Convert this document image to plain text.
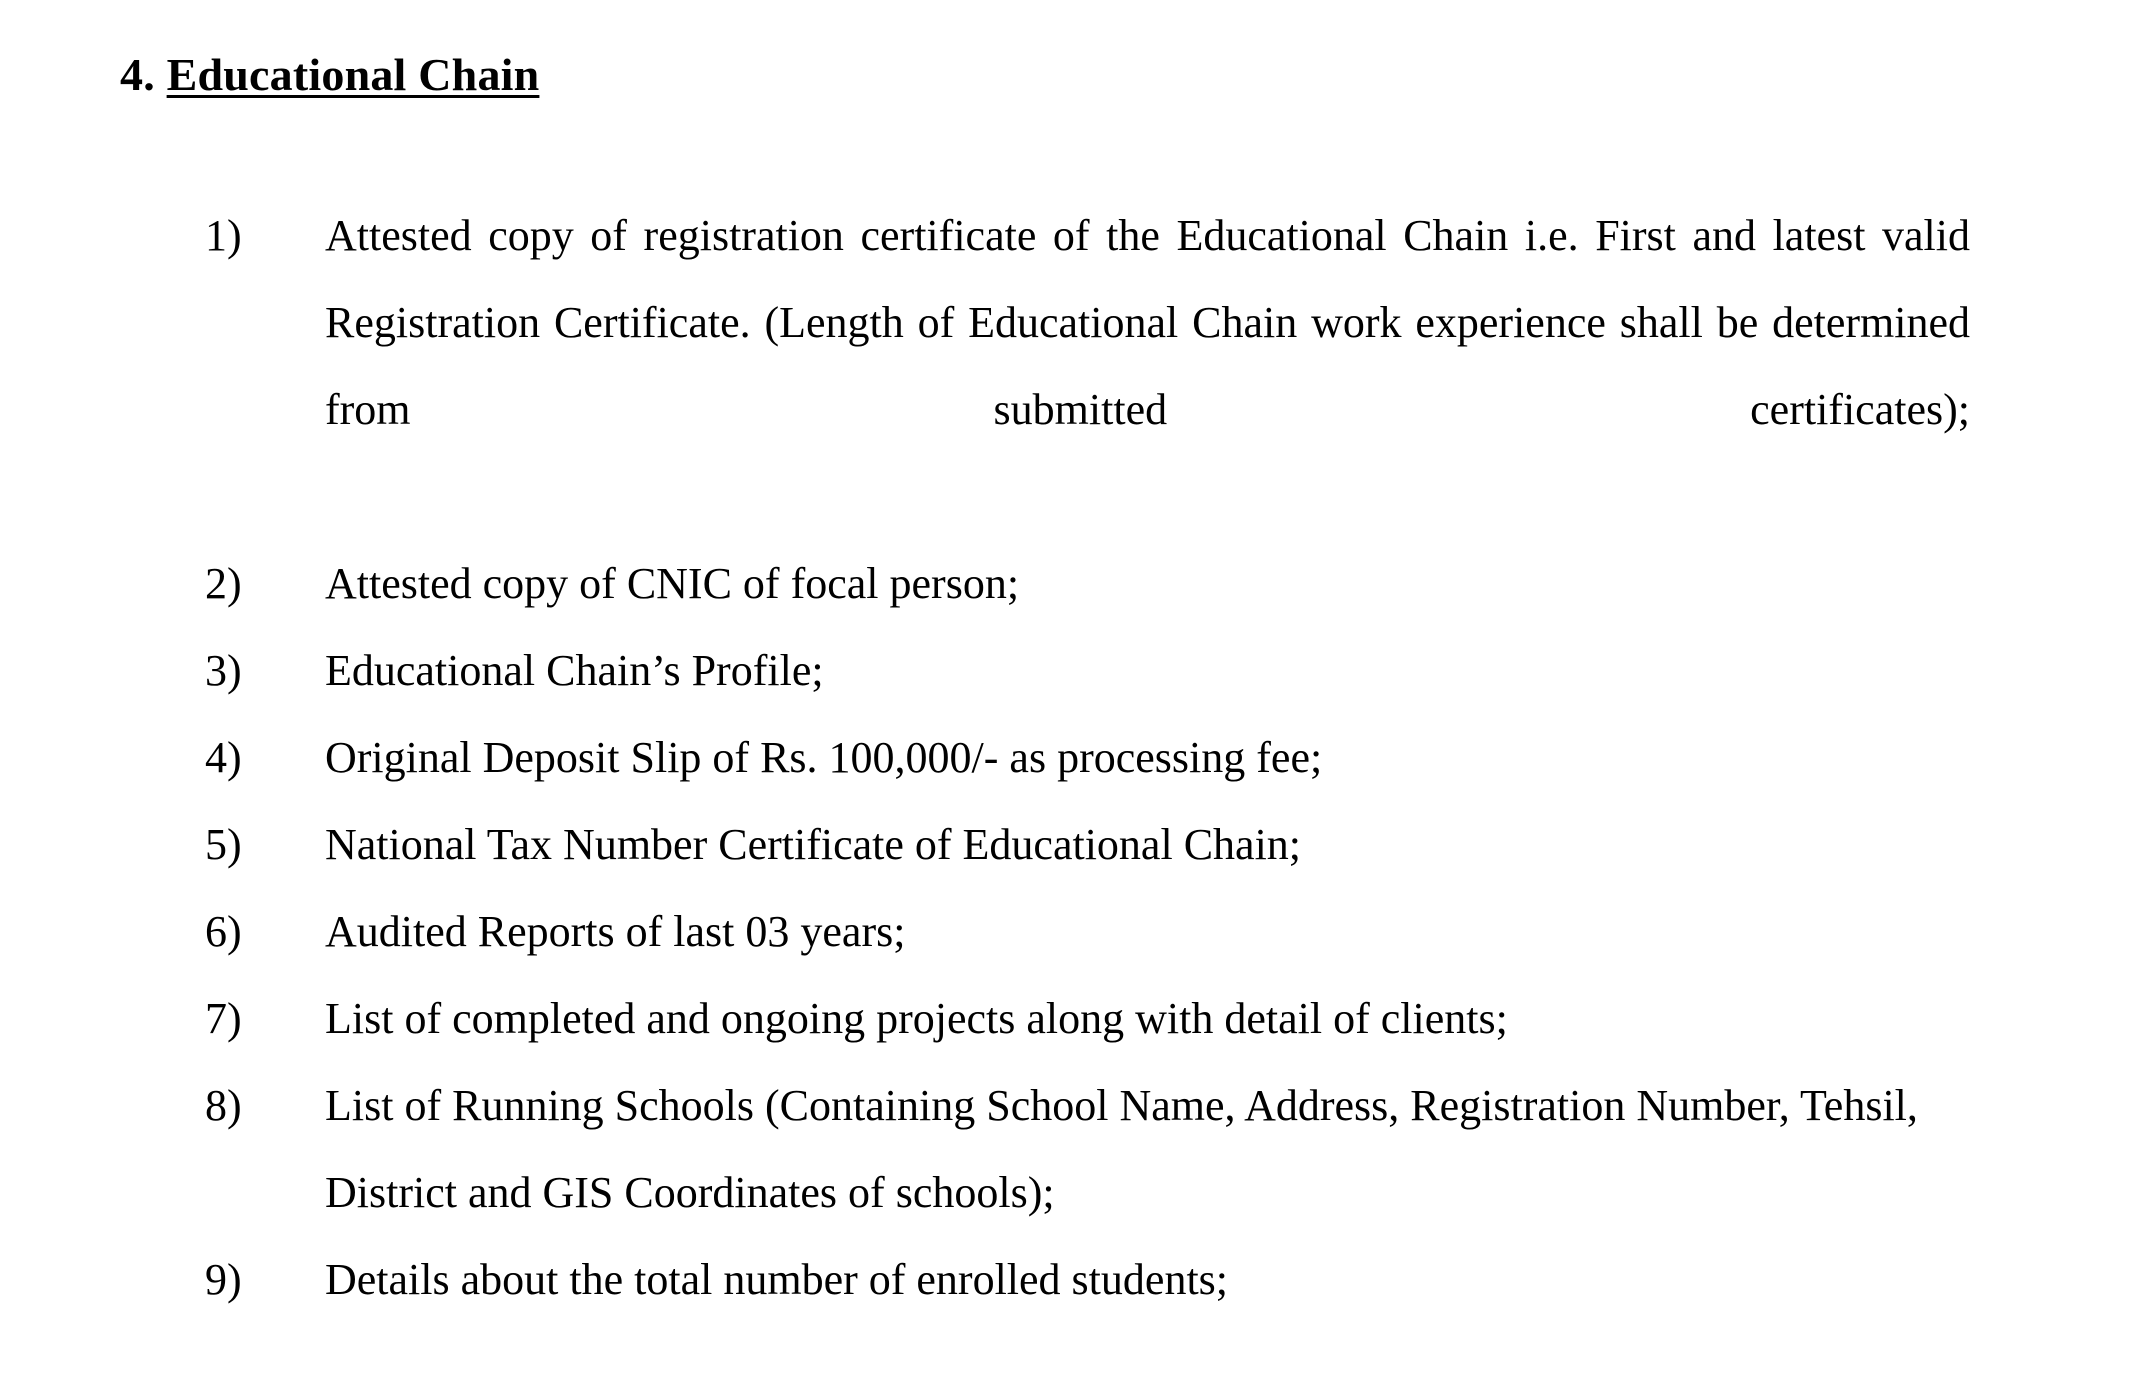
4. Educational Chain
1) Attested copy of registration certificate of the Educational Chain i.e. First and latest valid Registration Certificate. (Length of Educational Chain work experience shall be determined from submitted certificates);
2) Attested copy of CNIC of focal person;
3) Educational Chain’s Profile;
4) Original Deposit Slip of Rs. 100,000/- as processing fee;
5) National Tax Number Certificate of Educational Chain;
6) Audited Reports of last 03 years;
7) List of completed and ongoing projects along with detail of clients;
8) List of Running Schools (Containing School Name, Address, Registration Number, Tehsil, District and GIS Coordinates of schools);
9) Details about the total number of enrolled students;
